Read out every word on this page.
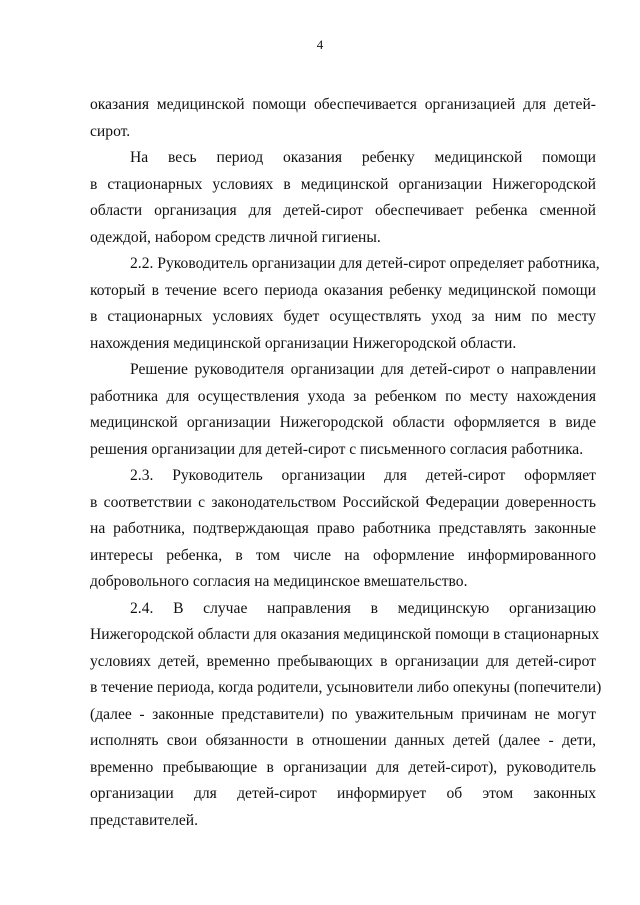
4
оказания медицинской помощи обеспечивается организацией для детей-
сирот.
На весь период оказания ребенку медицинской помощи
в стационарных условиях в медицинской организации Нижегородской
области организация для детей-сирот обеспечивает ребенка сменной
одеждой, набором средств личной гигиены.
2.2. Руководитель организации для детей-сирот определяет работника,
который в течение всего периода оказания ребенку медицинской помощи
в стационарных условиях будет осуществлять уход за ним по месту
нахождения медицинской организации Нижегородской области.
Решение руководителя организации для детей-сирот о направлении
работника для осуществления ухода за ребенком по месту нахождения
медицинской организации Нижегородской области оформляется в виде
решения организации для детей-сирот с письменного согласия работника.
2.3. Руководитель организации для детей-сирот оформляет
в соответствии с законодательством Российской Федерации доверенность
на работника, подтверждающая право работника представлять законные
интересы ребенка, в том числе на оформление информированного
добровольного согласия на медицинское вмешательство.
2.4. В случае направления в медицинскую организацию
Нижегородской области для оказания медицинской помощи в стационарных
условиях детей, временно пребывающих в организации для детей-сирот
в течение периода, когда родители, усыновители либо опекуны (попечители)
(далее - законные представители) по уважительным причинам не могут
исполнять свои обязанности в отношении данных детей (далее - дети,
временно пребывающие в организации для детей-сирот), руководитель
организации для детей-сирот информирует об этом законных
представителей.
